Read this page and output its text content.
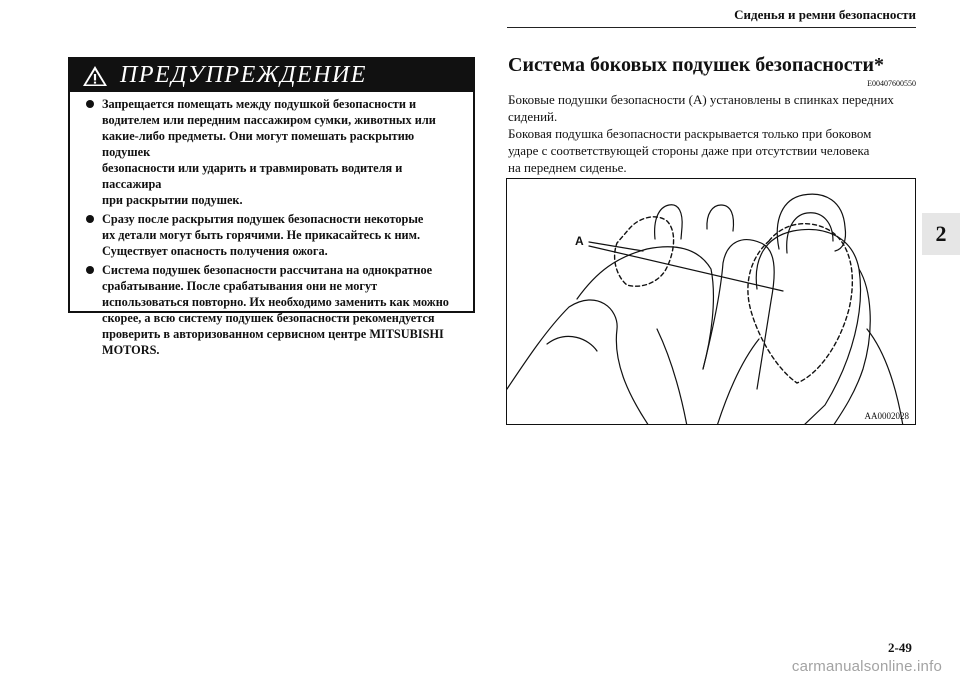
Сиденья и ремни безопасности
2
ПРЕДУПРЕЖДЕНИЕ
Запрещается помещать между подушкой безопасности и
водителем или передним пассажиром сумки, животных или
какие-либо предметы. Они могут помешать раскрытию подушек
безопасности или ударить и травмировать водителя и пассажира
при раскрытии подушек.
Сразу после раскрытия подушек безопасности некоторые
их детали могут быть горячими. Не прикасайтесь к ним.
Существует опасность получения ожога.
Система подушек безопасности рассчитана на однократное
срабатывание. После срабатывания они не могут
использоваться повторно. Их необходимо заменить как можно
скорее, а всю систему подушек безопасности рекомендуется
проверить в авторизованном сервисном центре MITSUBISHI
MOTORS.
Система боковых подушек безопасности*
E00407600550
Боковые подушки безопасности (A) установлены в спинках передних
сидений.
Боковая подушка безопасности раскрывается только при боковом
ударе с соответствующей стороны даже при отсутствии человека
на переднем сиденье.
A
AA0002028
2-49
carmanualsonline.info
